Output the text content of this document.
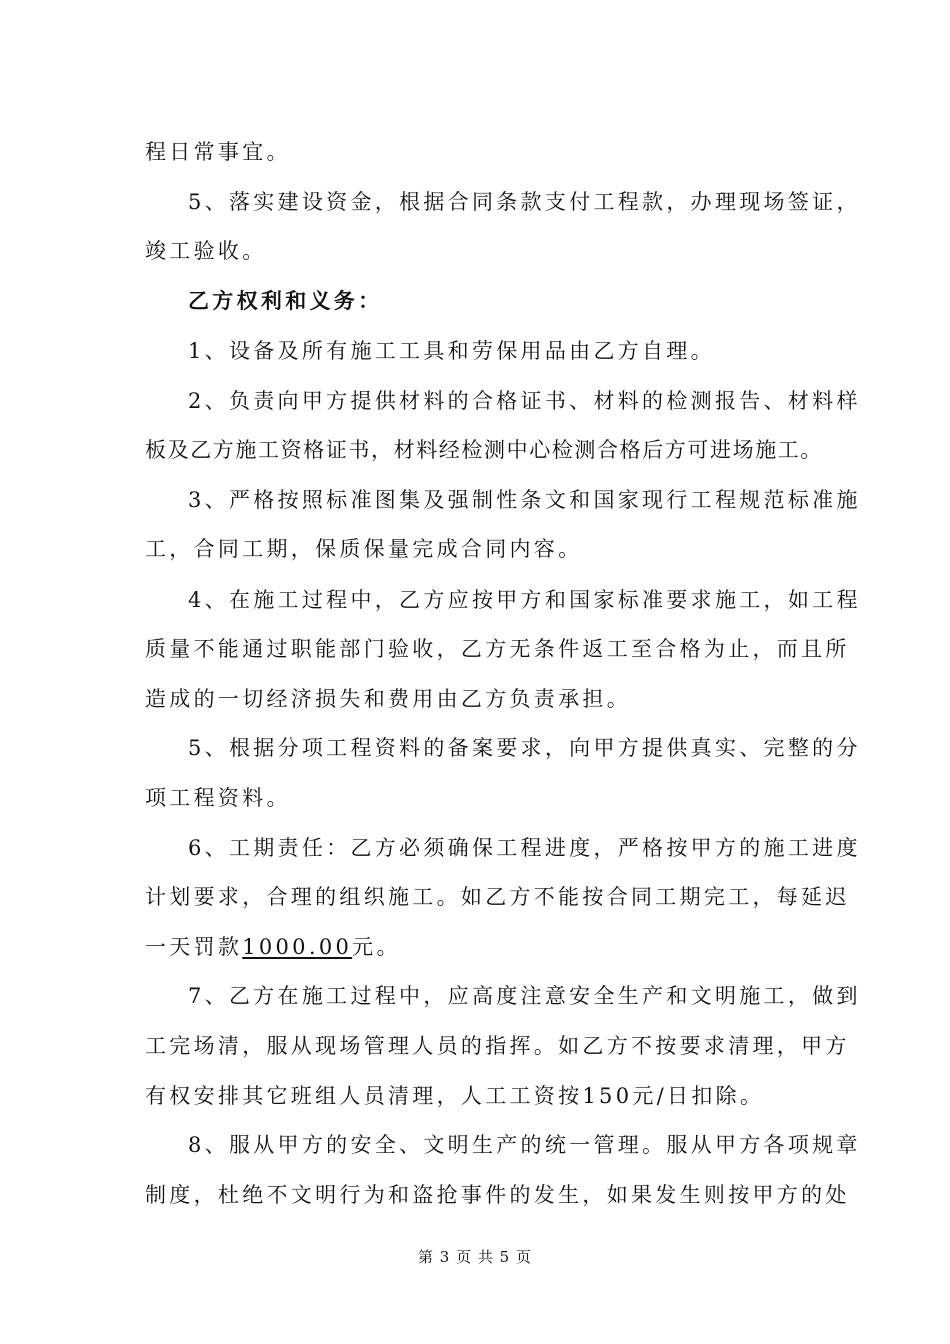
程日常事宜。
5、落实建设资金，根据合同条款支付工程款，办理现场签证，
竣工验收。
乙方权利和义务：
1、设备及所有施工工具和劳保用品由乙方自理。
2、负责向甲方提供材料的合格证书、材料的检测报告、材料样
板及乙方施工资格证书，材料经检测中心检测合格后方可进场施工。
3、严格按照标准图集及强制性条文和国家现行工程规范标准施
工，合同工期，保质保量完成合同内容。
4、在施工过程中，乙方应按甲方和国家标准要求施工，如工程
质量不能通过职能部门验收，乙方无条件返工至合格为止，而且所
造成的一切经济损失和费用由乙方负责承担。
5、根据分项工程资料的备案要求，向甲方提供真实、完整的分
项工程资料。
6、工期责任：乙方必须确保工程进度，严格按甲方的施工进度
计划要求，合理的组织施工。如乙方不能按合同工期完工，每延迟
一天罚款1000.00元。
7、乙方在施工过程中，应高度注意安全生产和文明施工，做到
工完场清，服从现场管理人员的指挥。如乙方不按要求清理，甲方
有权安排其它班组人员清理，人工工资按150元/日扣除。
8、服从甲方的安全、文明生产的统一管理。服从甲方各项规章
制度，杜绝不文明行为和盗抢事件的发生，如果发生则按甲方的处
第 3 页 共 5 页
